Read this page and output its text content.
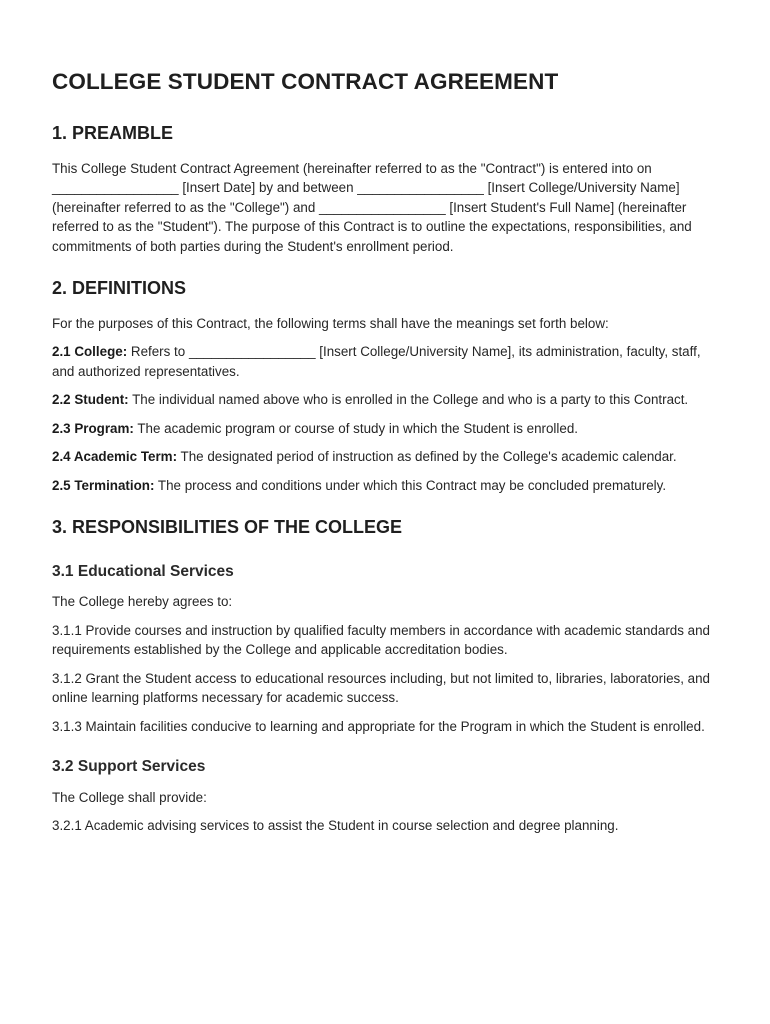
COLLEGE STUDENT CONTRACT AGREEMENT
1. PREAMBLE

This College Student Contract Agreement (hereinafter referred to as the "Contract") is entered into on _________________ [Insert Date] by and between _________________ [Insert College/University Name] (hereinafter referred to as the "College") and _________________ [Insert Student's Full Name] (hereinafter referred to as the "Student"). The purpose of this Contract is to outline the expectations, responsibilities, and commitments of both parties during the Student's enrollment period.

2. DEFINITIONS

For the purposes of this Contract, the following terms shall have the meanings set forth below:

2.1 College: Refers to _________________ [Insert College/University Name], its administration, faculty, staff, and authorized representatives.

2.2 Student: The individual named above who is enrolled in the College and who is a party to this Contract.

2.3 Program: The academic program or course of study in which the Student is enrolled.

2.4 Academic Term: The designated period of instruction as defined by the College's academic calendar.

2.5 Termination: The process and conditions under which this Contract may be concluded prematurely.

3. RESPONSIBILITIES OF THE COLLEGE
3.1 Educational Services

The College hereby agrees to:

3.1.1 Provide courses and instruction by qualified faculty members in accordance with academic standards and requirements established by the College and applicable accreditation bodies.

3.1.2 Grant the Student access to educational resources including, but not limited to, libraries, laboratories, and online learning platforms necessary for academic success.

3.1.3 Maintain facilities conducive to learning and appropriate for the Program in which the Student is enrolled.

3.2 Support Services

The College shall provide:

3.2.1 Academic advising services to assist the Student in course selection and degree planning.
